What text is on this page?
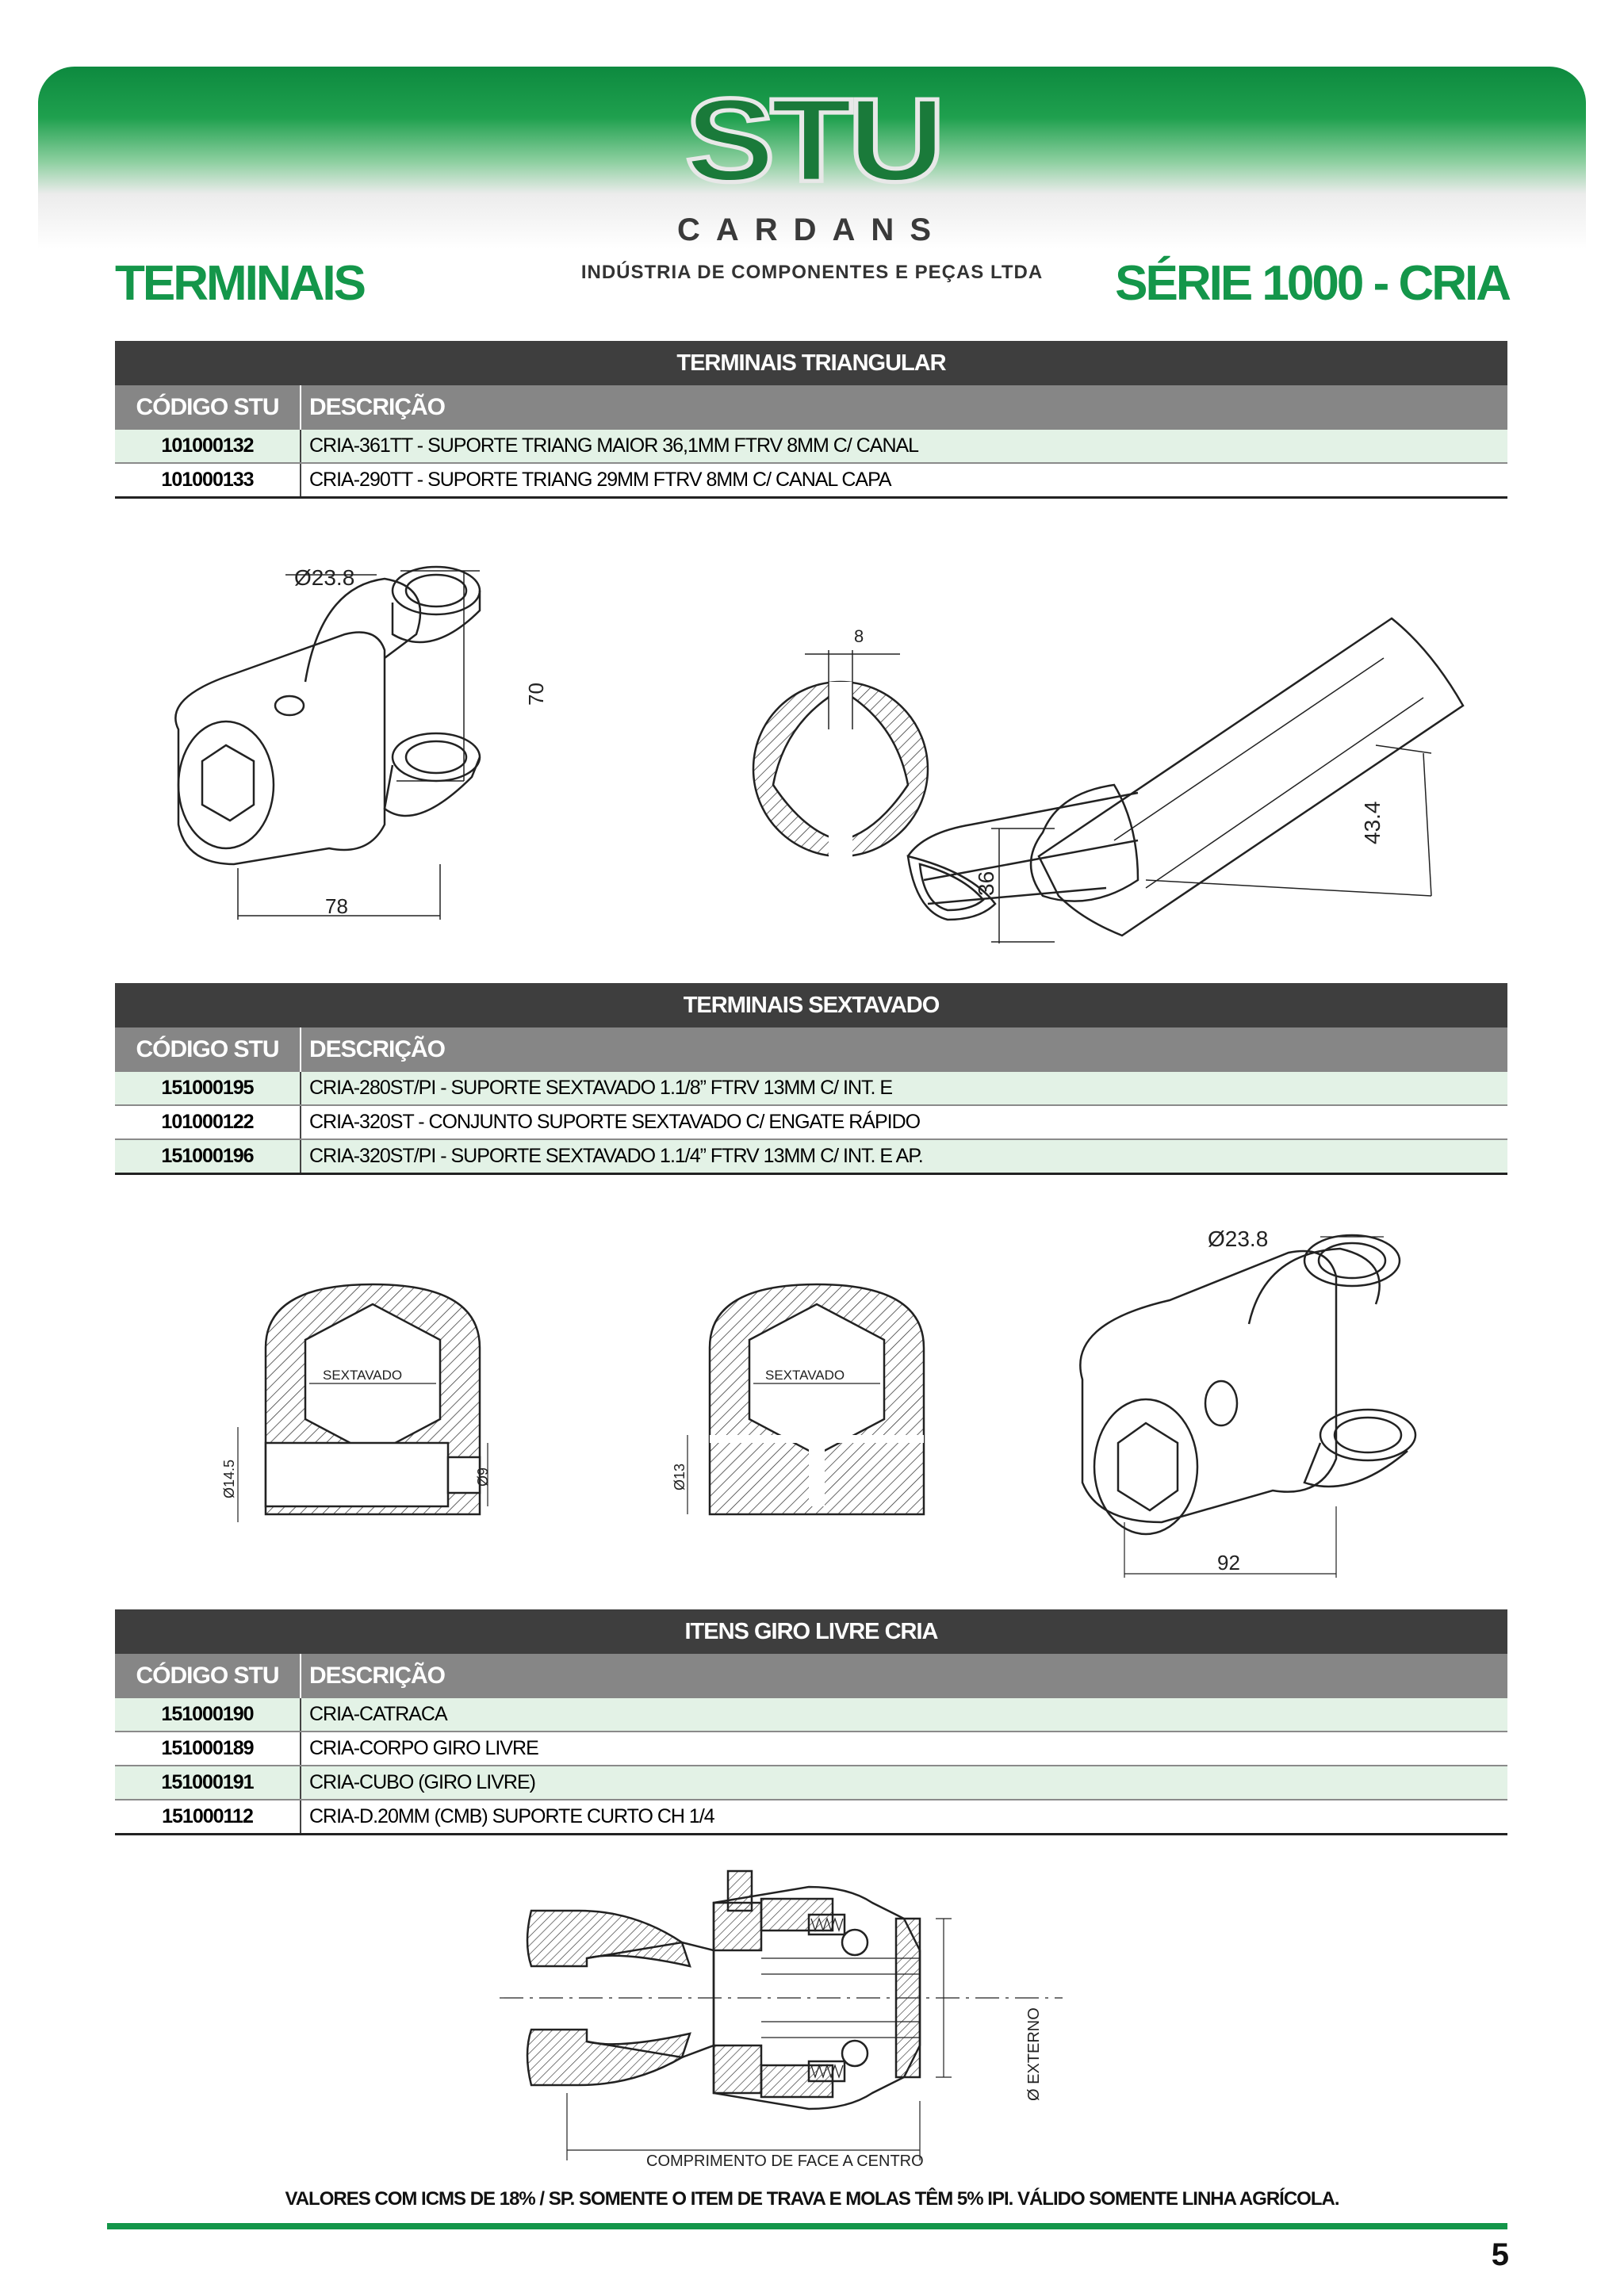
STU
CARDANS
INDÚSTRIA DE COMPONENTES E PEÇAS LTDA
TERMINAIS	SÉRIE 1000 - CRIA
TERMINAIS TRIANGULAR
CÓDIGO STU	DESCRIÇÃO
101000132	CRIA-361TT - SUPORTE TRIANG MAIOR 36,1MM FTRV 8MM C/ CANAL
101000133	CRIA-290TT - SUPORTE TRIANG 29MM FTRV 8MM C/ CANAL CAPA
Ø23.8
70
78
8
36
43.4
TERMINAIS SEXTAVADO
CÓDIGO STU	DESCRIÇÃO
151000195	CRIA-280ST/PI - SUPORTE SEXTAVADO 1.1/8” FTRV 13MM C/ INT. E
101000122	CRIA-320ST - CONJUNTO SUPORTE SEXTAVADO C/ ENGATE RÁPIDO
151000196	CRIA-320ST/PI - SUPORTE SEXTAVADO 1.1/4” FTRV 13MM C/ INT. E AP.
SEXTAVADO
Ø14.5	Ø9
SEXTAVADO
Ø13
Ø23.8
92
ITENS GIRO LIVRE CRIA
CÓDIGO STU	DESCRIÇÃO
151000190	CRIA-CATRACA
151000189	CRIA-CORPO GIRO LIVRE
151000191	CRIA-CUBO (GIRO LIVRE)
151000112	CRIA-D.20MM (CMB) SUPORTE CURTO CH 1/4
Ø EXTERNO
COMPRIMENTO DE FACE A CENTRO
VALORES COM ICMS DE 18% / SP. SOMENTE O ITEM DE TRAVA E MOLAS TÊM 5% IPI. VÁLIDO SOMENTE LINHA AGRÍCOLA.
5
